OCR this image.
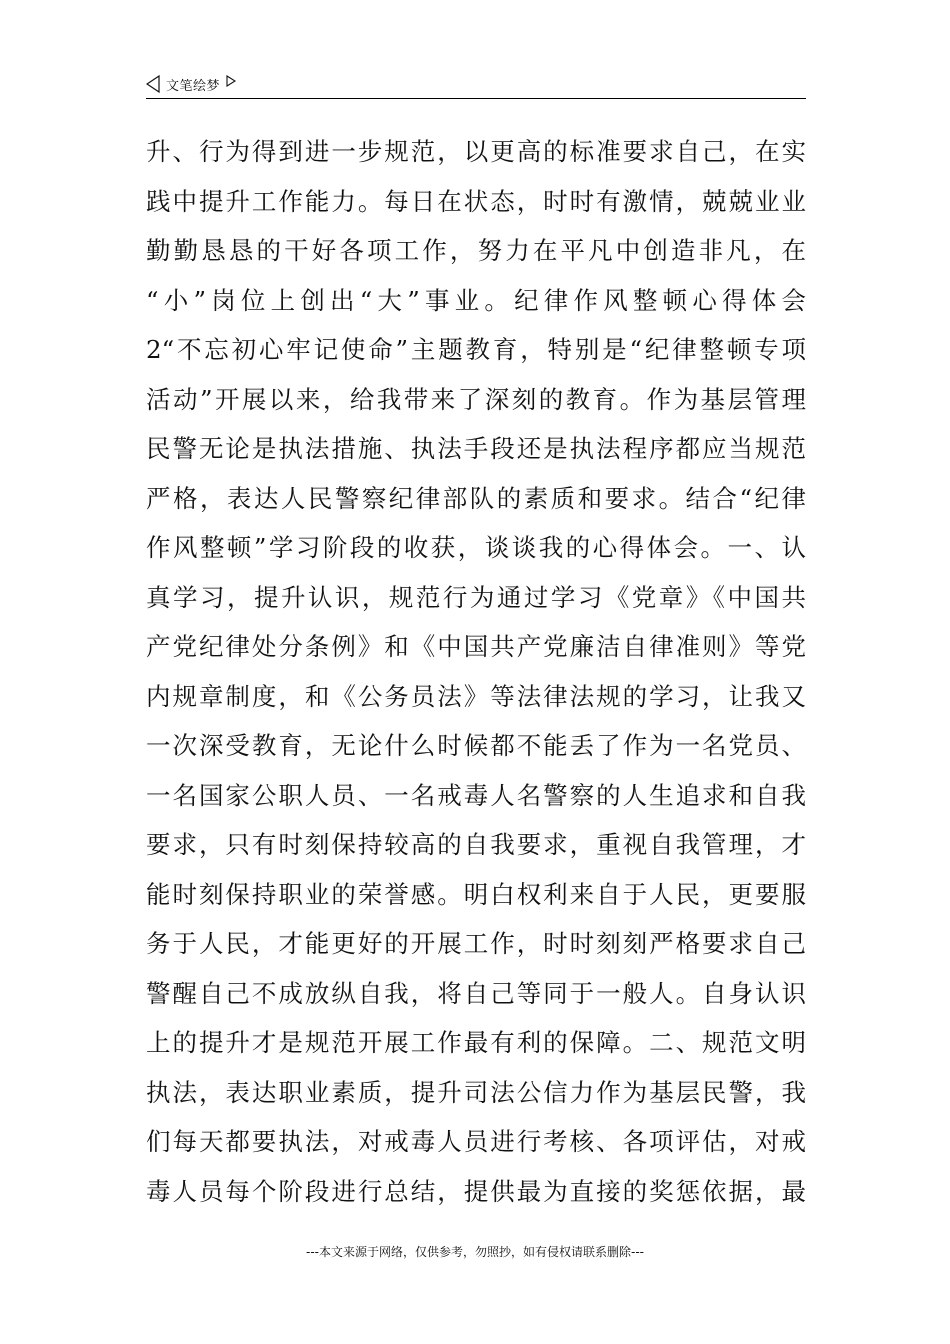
文笔绘梦
升、行为得到进一步规范，以更高的标准要求自己，在实
践中提升工作能力。每日在状态，时时有激情，兢兢业业
勤勤恳恳的干好各项工作，努力在平凡中创造非凡，在
“小”岗位上创出“大”事业。纪律作风整顿心得体会
2“不忘初心牢记使命”主题教育，特别是“纪律整顿专项
活动”开展以来，给我带来了深刻的教育。作为基层管理
民警无论是执法措施、执法手段还是执法程序都应当规范
严格，表达人民警察纪律部队的素质和要求。结合“纪律
作风整顿”学习阶段的收获，谈谈我的心得体会。一、认
真学习，提升认识，规范行为通过学习《党章》《中国共
产党纪律处分条例》和《中国共产党廉洁自律准则》等党
内规章制度，和《公务员法》等法律法规的学习，让我又
一次深受教育，无论什么时候都不能丢了作为一名党员、
一名国家公职人员、一名戒毒人名警察的人生追求和自我
要求，只有时刻保持较高的自我要求，重视自我管理，才
能时刻保持职业的荣誉感。明白权利来自于人民，更要服
务于人民，才能更好的开展工作，时时刻刻严格要求自己
警醒自己不成放纵自我，将自己等同于一般人。自身认识
上的提升才是规范开展工作最有利的保障。二、规范文明
执法，表达职业素质，提升司法公信力作为基层民警，我
们每天都要执法，对戒毒人员进行考核、各项评估，对戒
毒人员每个阶段进行总结，提供最为直接的奖惩依据，最
---本文来源于网络，仅供参考，勿照抄，如有侵权请联系删除---
